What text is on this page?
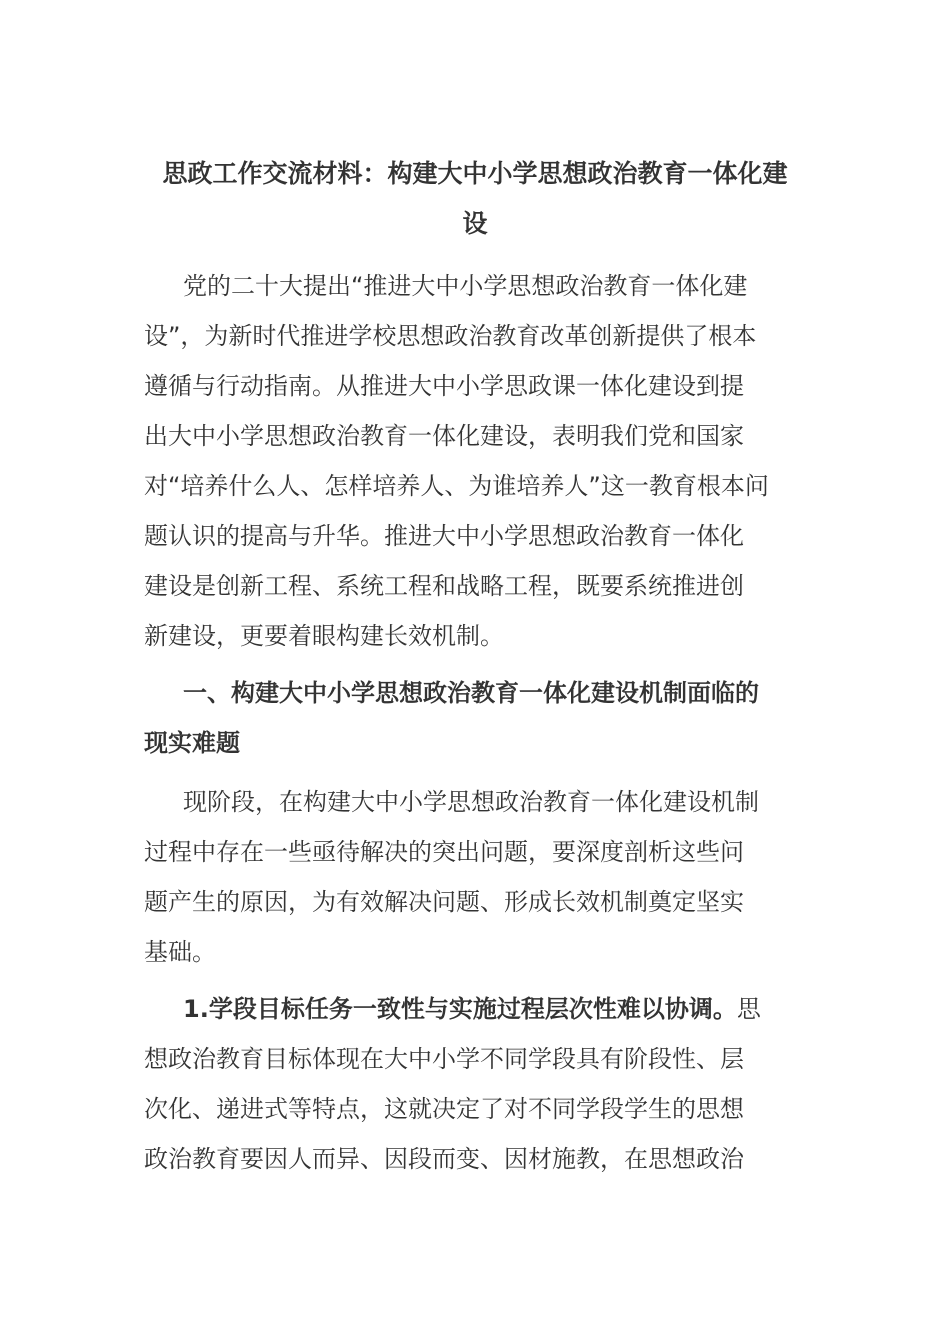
思政工作交流材料：构建大中小学思想政治教育一体化建
设
党的二十大提出“推进大中小学思想政治教育一体化建
设”，为新时代推进学校思想政治教育改革创新提供了根本
遵循与行动指南。从推进大中小学思政课一体化建设到提
出大中小学思想政治教育一体化建设，表明我们党和国家
对“培养什么人、怎样培养人、为谁培养人”这一教育根本问
题认识的提高与升华。推进大中小学思想政治教育一体化
建设是创新工程、系统工程和战略工程，既要系统推进创
新建设，更要着眼构建长效机制。
一、构建大中小学思想政治教育一体化建设机制面临的
现实难题
现阶段，在构建大中小学思想政治教育一体化建设机制
过程中存在一些亟待解决的突出问题，要深度剖析这些问
题产生的原因，为有效解决问题、形成长效机制奠定坚实
基础。
1.学段目标任务一致性与实施过程层次性难以协调。思
想政治教育目标体现在大中小学不同学段具有阶段性、层
次化、递进式等特点，这就决定了对不同学段学生的思想
政治教育要因人而异、因段而变、因材施教，在思想政治
